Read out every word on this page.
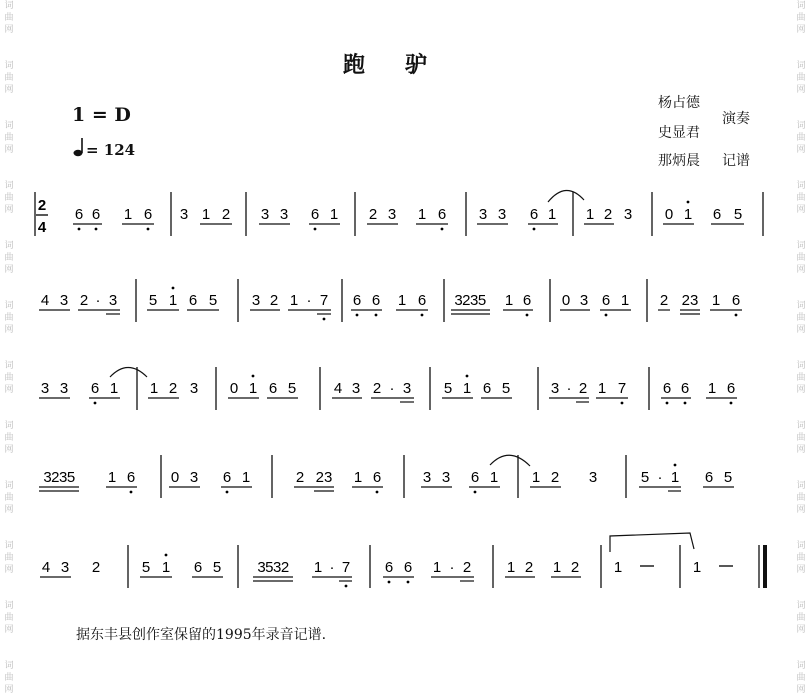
词
曲
网
词
曲
网
词
曲
网
词
曲
网
词
曲
网
词
曲
网
词
曲
网
词
曲
网
词
曲
网
词
曲
网
词
曲
网
词
曲
网
词
曲
网
词
曲
网
词
曲
网
词
曲
网
词
曲
网
词
曲
网
词
曲
网
词
曲
网
词
曲
网
词
曲
网
词
曲
网
词
曲
网
跑驴
1 = D
= 124
杨占德
史显君
演奏
那炳晨 记谱
2
4
6 6 1 6 3 1 2 3 3 6 1 2 3 1 6 3 3 6 1 1 2 3 0 1 6 5
4 3 2 · 3 5 1 6 5 3 2 1 · 7 6 6 1 6 3235 1 6 0 3 6 1 2 23 1 6
3 3 6 1 1 2 3 0 1 6 5	4 3 2 · 3 5 1 6 5	3 · 2 1 7 6 6 1 6
3235 1 6 0 3 6 1	2 23 1 6	3 3 6 1 1 2 3	5 · 1 6 5
4 3 2	5 1 6 5 3532 1 · 7 6 6 1 · 2 1 2 1 2 1	1
据东丰县创作室保留的1995年录音记谱.
